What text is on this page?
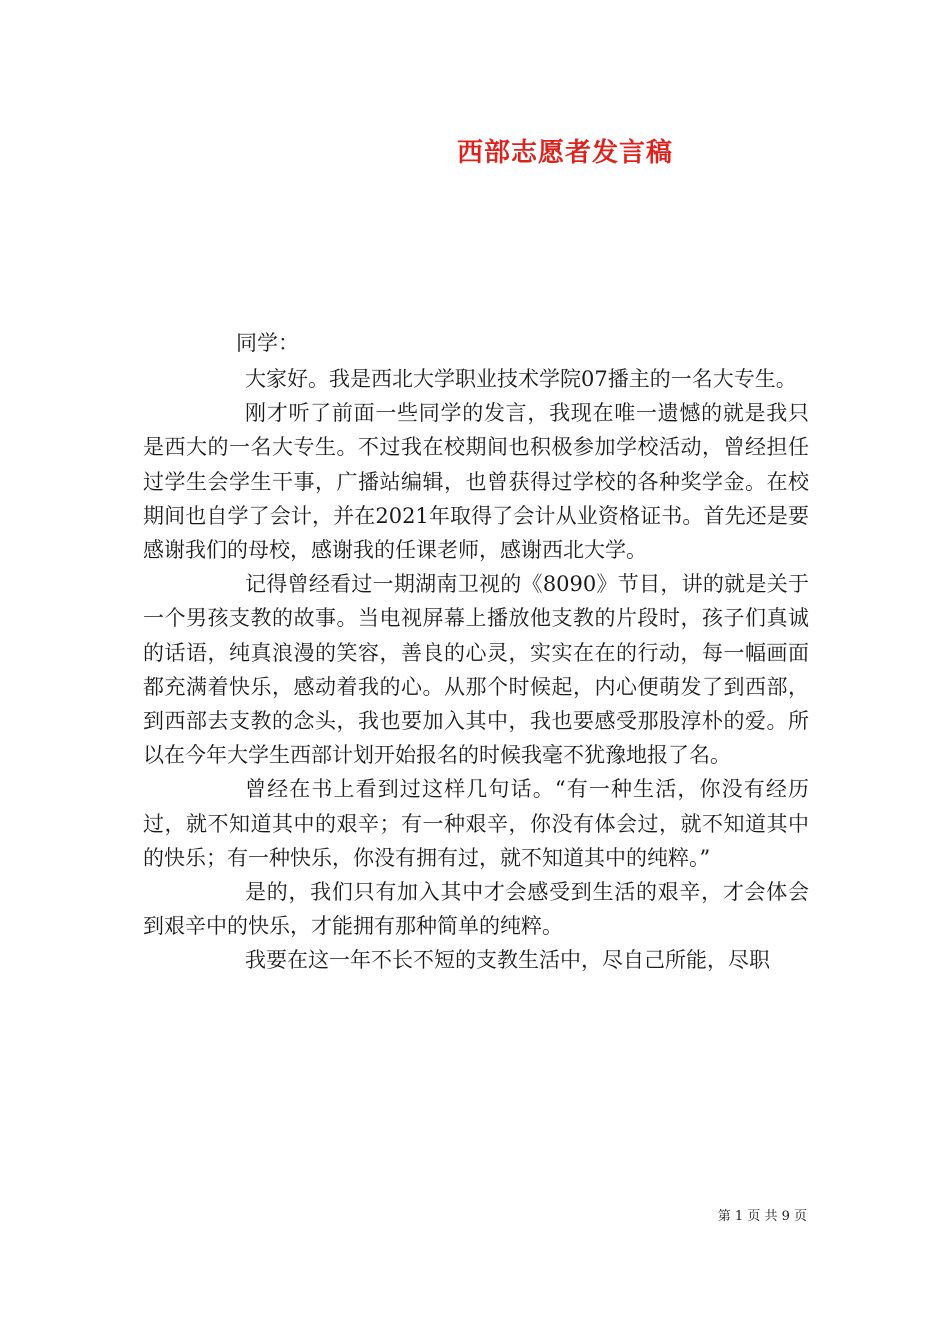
西部志愿者发言稿
同学：

大家好。我是西北大学职业技术学院07播主的一名大专生。

刚才听了前面一些同学的发言，我现在唯一遗憾的就是我只是西大的一名大专生。不过我在校期间也积极参加学校活动，曾经担任过学生会学生干事，广播站编辑，也曾获得过学校的各种奖学金。在校期间也自学了会计，并在2021年取得了会计从业资格证书。首先还是要感谢我们的母校，感谢我的任课老师，感谢西北大学。

记得曾经看过一期湖南卫视的《8090》节目，讲的就是关于一个男孩支教的故事。当电视屏幕上播放他支教的片段时，孩子们真诚的话语，纯真浪漫的笑容，善良的心灵，实实在在的行动，每一幅画面都充满着快乐，感动着我的心。从那个时候起，内心便萌发了到西部，到西部去支教的念头，我也要加入其中，我也要感受那股淳朴的爱。所以在今年大学生西部计划开始报名的时候我毫不犹豫地报了名。

曾经在书上看到过这样几句话。“有一种生活，你没有经历过，就不知道其中的艰辛；有一种艰辛，你没有体会过，就不知道其中的快乐；有一种快乐，你没有拥有过，就不知道其中的纯粹。”

是的，我们只有加入其中才会感受到生活的艰辛，才会体会到艰辛中的快乐，才能拥有那种简单的纯粹。

我要在这一年不长不短的支教生活中，尽自己所能，尽职

第 1 页 共 9 页
